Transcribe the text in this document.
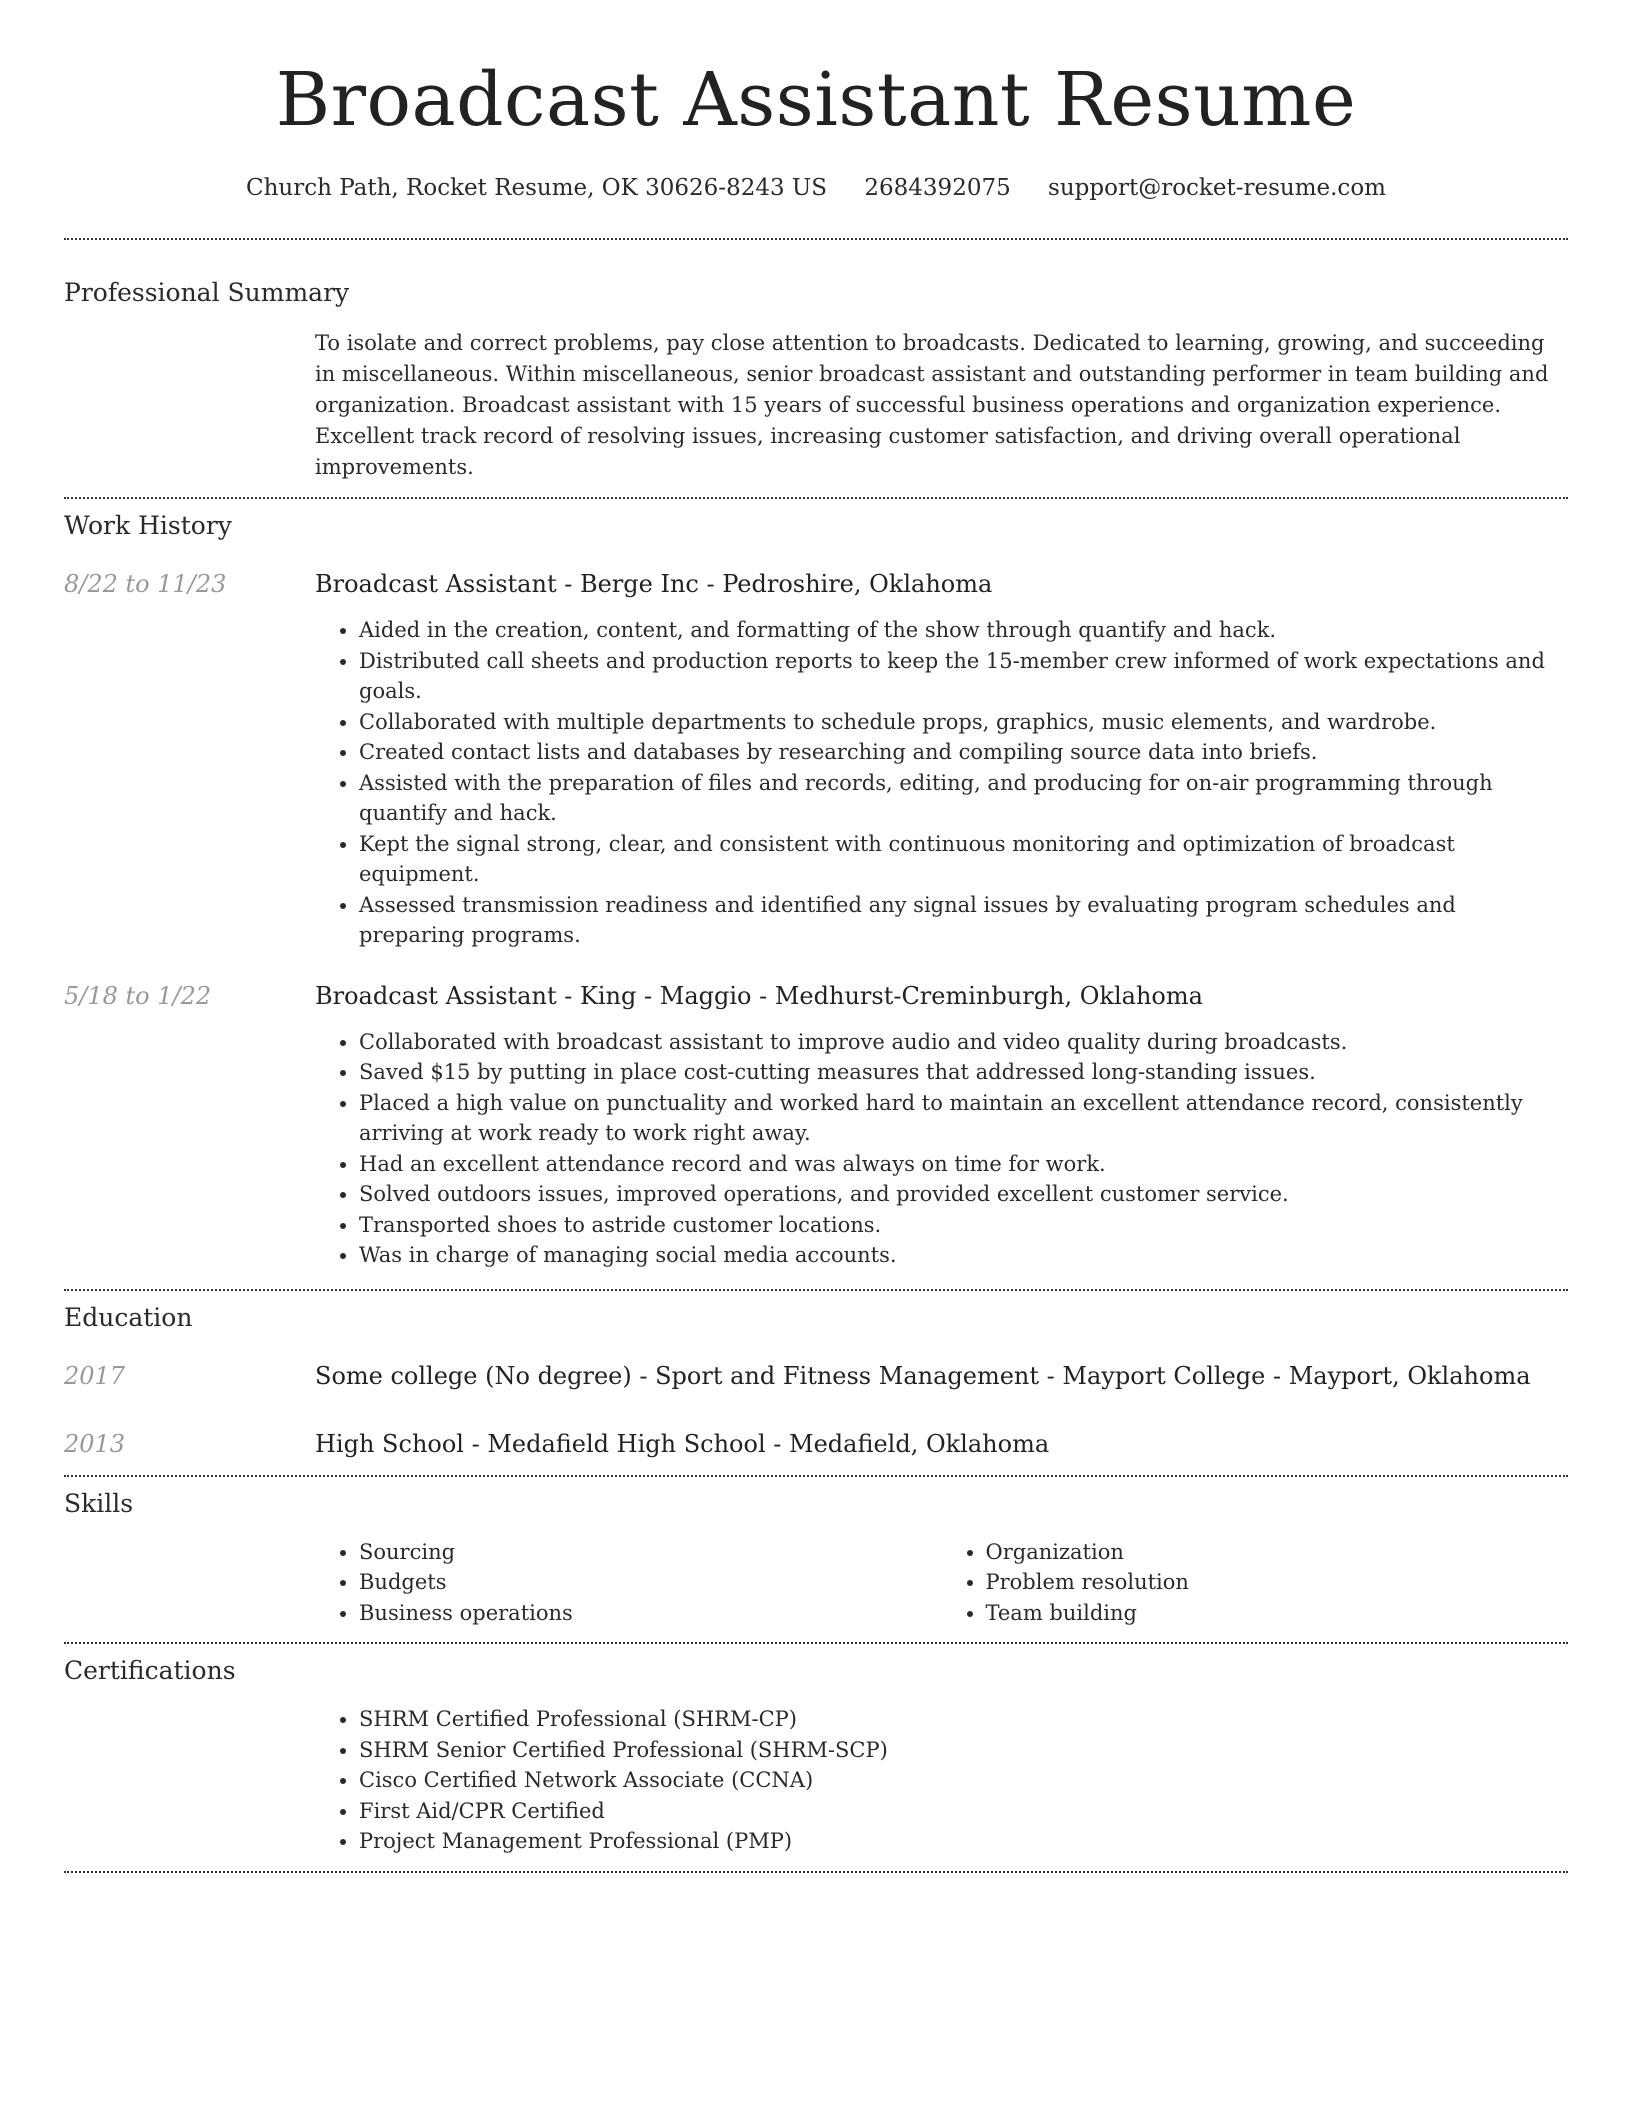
Broadcast Assistant Resume
Church Path, Rocket Resume, OK 30626-8243 US 2684392075 support@rocket-resume.com
Professional Summary

To isolate and correct problems, pay close attention to broadcasts. Dedicated to learning, growing, and succeeding in miscellaneous. Within miscellaneous, senior broadcast assistant and outstanding performer in team building and organization. Broadcast assistant with 15 years of successful business operations and organization experience. Excellent track record of resolving issues, increasing customer satisfaction, and driving overall operational improvements.

Work History
8/22 to 11/23	Broadcast Assistant - Berge Inc - Pedroshire, Oklahoma
• Aided in the creation, content, and formatting of the show through quantify and hack.
• Distributed call sheets and production reports to keep the 15-member crew informed of work expectations and goals.
• Collaborated with multiple departments to schedule props, graphics, music elements, and wardrobe.
• Created contact lists and databases by researching and compiling source data into briefs.
• Assisted with the preparation of files and records, editing, and producing for on-air programming through quantify and hack.
• Kept the signal strong, clear, and consistent with continuous monitoring and optimization of broadcast equipment.
• Assessed transmission readiness and identified any signal issues by evaluating program schedules and preparing programs.
5/18 to 1/22	Broadcast Assistant - King - Maggio - Medhurst-Creminburgh, Oklahoma
• Collaborated with broadcast assistant to improve audio and video quality during broadcasts.
• Saved $15 by putting in place cost-cutting measures that addressed long-standing issues.
• Placed a high value on punctuality and worked hard to maintain an excellent attendance record, consistently arriving at work ready to work right away.
• Had an excellent attendance record and was always on time for work.
• Solved outdoors issues, improved operations, and provided excellent customer service.
• Transported shoes to astride customer locations.
• Was in charge of managing social media accounts.
Education
2017	Some college (No degree) - Sport and Fitness Management - Mayport College - Mayport, Oklahoma
2013	High School - Medafield High School - Medafield, Oklahoma
Skills
• Sourcing
• Budgets
• Business operations
• Organization
• Problem resolution
• Team building
Certifications
• SHRM Certified Professional (SHRM-CP)
• SHRM Senior Certified Professional (SHRM-SCP)
• Cisco Certified Network Associate (CCNA)
• First Aid/CPR Certified
• Project Management Professional (PMP)
